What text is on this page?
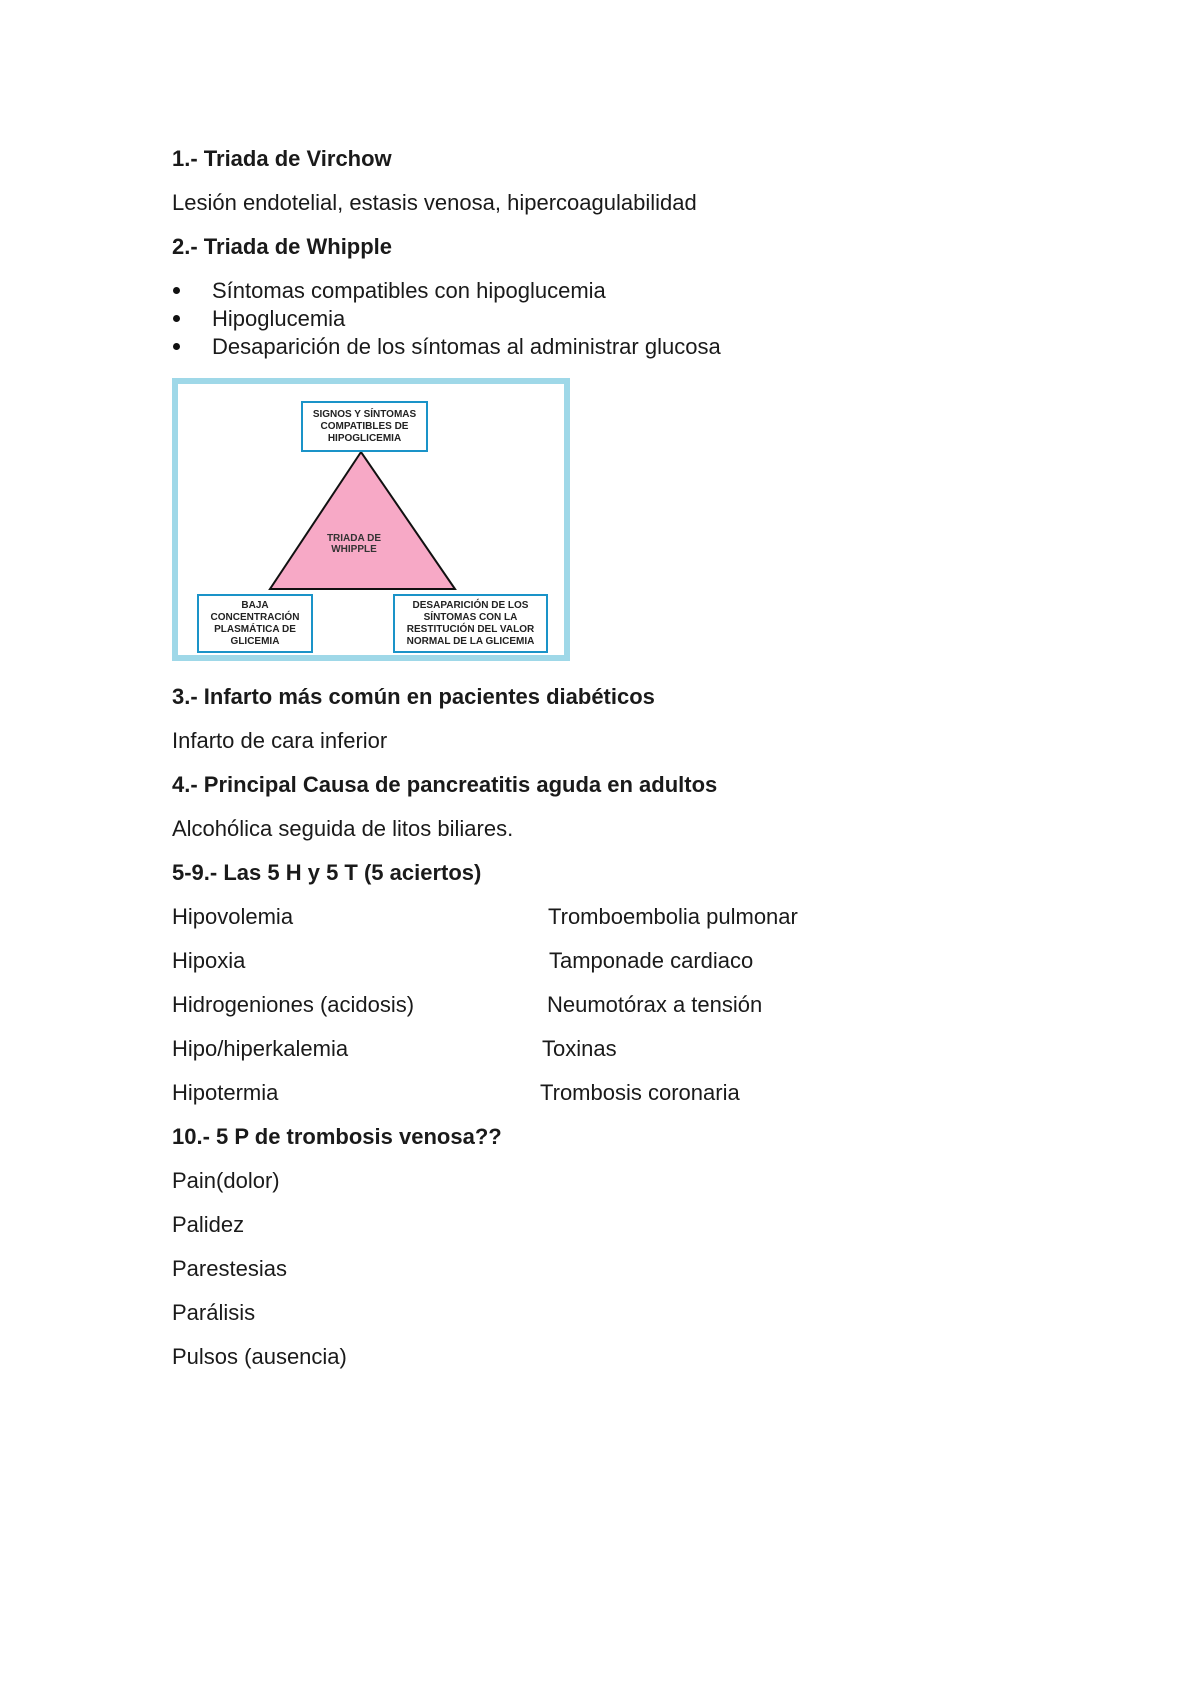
1.- Triada de Virchow
Lesión endotelial, estasis venosa, hipercoagulabilidad
2.- Triada de Whipple
Síntomas compatibles con hipoglucemia
Hipoglucemia
Desaparición de los síntomas al administrar glucosa
TRIADA DE WHIPPLE
SIGNOS Y SÍNTOMAS COMPATIBLES DE HIPOGLICEMIA
BAJA CONCENTRACIÓN PLASMÁTICA DE GLICEMIA
DESAPARICIÓN DE LOS SÍNTOMAS CON LA RESTITUCIÓN DEL VALOR NORMAL DE LA GLICEMIA
3.- Infarto más común en pacientes diabéticos
Infarto de cara inferior
4.- Principal Causa de pancreatitis aguda en adultos
Alcohólica seguida de litos biliares.
5-9.- Las 5 H y 5 T (5 aciertos)
Hipovolemia	Tromboembolia pulmonar
Hipoxia	Tamponade cardiaco
Hidrogeniones (acidosis)	Neumotórax a tensión
Hipo/hiperkalemia	Toxinas
Hipotermia	Trombosis coronaria
10.- 5 P de trombosis venosa??
Pain(dolor)
Palidez
Parestesias
Parálisis
Pulsos (ausencia)
